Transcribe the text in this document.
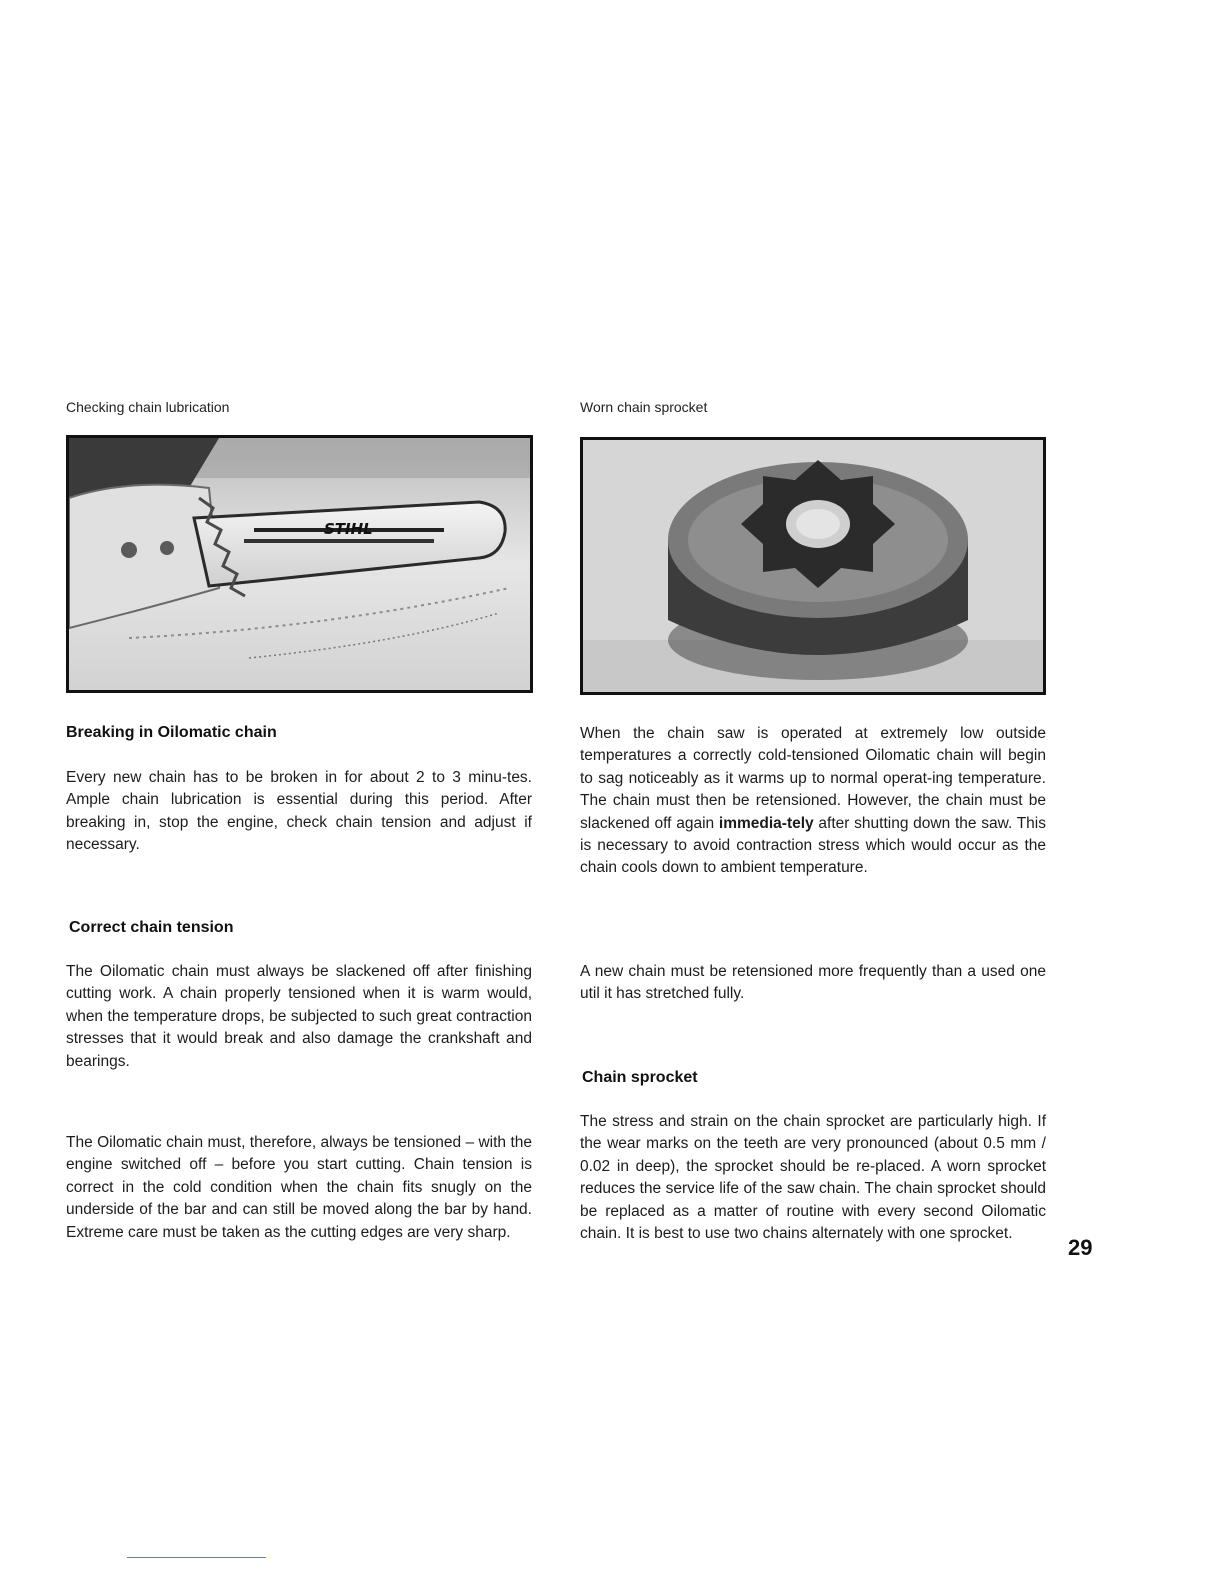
Checking chain lubrication	Worn chain sprocket
STIHL
Breaking in Oilomatic chain
Every new chain has to be broken in for about 2 to 3 minu-tes. Ample chain lubrication is essential during this period. After breaking in, stop the engine, check chain tension and adjust if necessary.
Correct chain tension
The Oilomatic chain must always be slackened off after finishing cutting work. A chain properly tensioned when it is warm would, when the temperature drops, be subjected to such great contraction stresses that it would break and also damage the crankshaft and bearings.
The Oilomatic chain must, therefore, always be tensioned – with the engine switched off – before you start cutting. Chain tension is correct in the cold condition when the chain fits snugly on the underside of the bar and can still be moved along the bar by hand. Extreme care must be taken as the cutting edges are very sharp.
When the chain saw is operated at extremely low outside temperatures a correctly cold-tensioned Oilomatic chain will begin to sag noticeably as it warms up to normal operat-ing temperature. The chain must then be retensioned. However, the chain must be slackened off again immedia-tely after shutting down the saw. This is necessary to avoid contraction stress which would occur as the chain cools down to ambient temperature.
A new chain must be retensioned more frequently than a used one util it has stretched fully.
Chain sprocket
The stress and strain on the chain sprocket are particularly high. If the wear marks on the teeth are very pronounced (about 0.5 mm / 0.02 in deep), the sprocket should be re-placed. A worn sprocket reduces the service life of the saw chain. The chain sprocket should be replaced as a matter of routine with every second Oilomatic chain. It is best to use two chains alternately with one sprocket.
29
